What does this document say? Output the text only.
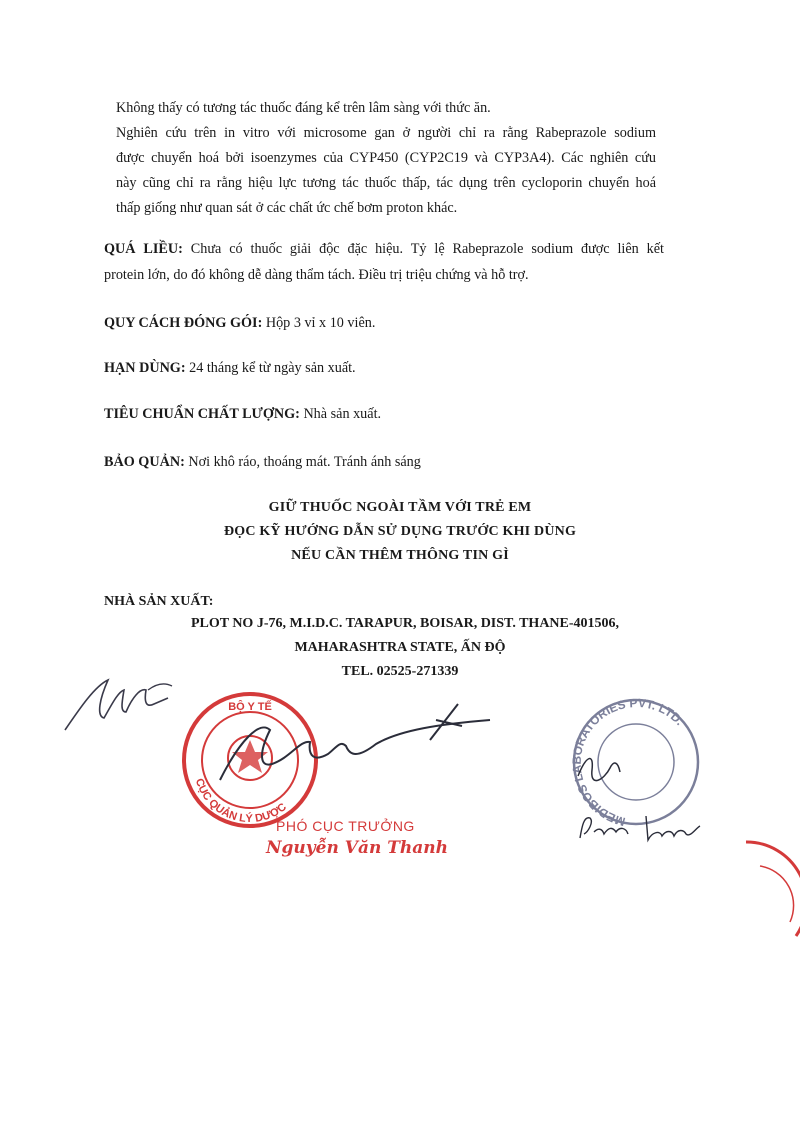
Không thấy có tương tác thuốc đáng kể trên lâm sàng với thức ăn.
Nghiên cứu trên in vitro với microsome gan ở người chỉ ra rằng Rabeprazole sodium
được chuyển hoá bởi isoenzymes của CYP450 (CYP2C19 và CYP3A4). Các nghiên cứu
này cũng chỉ ra rằng hiệu lực tương tác thuốc thấp, tác dụng trên cycloporin chuyển hoá
thấp giống như quan sát ở các chất ức chế bơm proton khác.
QUÁ LIỀU: Chưa có thuốc giải độc đặc hiệu. Tỷ lệ Rabeprazole sodium được liên kết
protein lớn, do đó không dễ dàng thẩm tách. Điều trị triệu chứng và hỗ trợ.
QUY CÁCH ĐÓNG GÓI: Hộp 3 vỉ x 10 viên.
HẠN DÙNG: 24 tháng kể từ ngày sản xuất.
TIÊU CHUẨN CHẤT LƯỢNG: Nhà sản xuất.
BẢO QUẢN: Nơi khô ráo, thoáng mát. Tránh ánh sáng
GIỮ THUỐC NGOÀI TẦM VỚI TRẺ EM
ĐỌC KỸ HƯỚNG DẪN SỬ DỤNG TRƯỚC KHI DÙNG
NẾU CẦN THÊM THÔNG TIN GÌ
NHÀ SẢN XUẤT:
PLOT NO J-76, M.I.D.C. TARAPUR, BOISAR, DIST. THANE-401506,
MAHARASHTRA STATE, ẤN ĐỘ
TEL. 02525-271339
BỘ Y TẾ
CỤC QUẢN LÝ DƯỢC
PHÓ CỤC TRƯỞNG
Nguyễn Văn Thanh
MEDIBOS LABORATORIES PVT. LTD.
